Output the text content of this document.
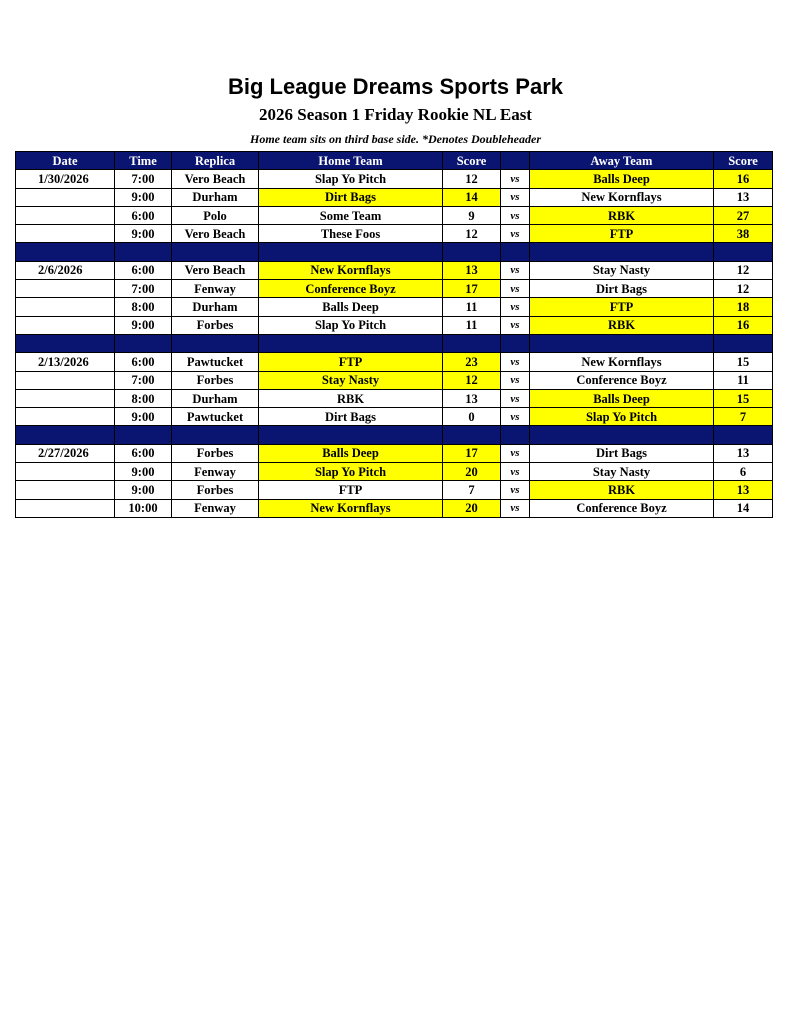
Big League Dreams Sports Park
2026 Season 1 Friday Rookie NL East
Home team sits on third base side. *Denotes Doubleheader
Date	Time	Replica	Home Team	Score		Away Team	Score
1/30/2026	7:00	Vero Beach	Slap Yo Pitch	12	vs	Balls Deep	16
	9:00	Durham	Dirt Bags	14	vs	New Kornflays	13
	6:00	Polo	Some Team	9	vs	RBK	27
	9:00	Vero Beach	These Foos	12	vs	FTP	38

2/6/2026	6:00	Vero Beach	New Kornflays	13	vs	Stay Nasty	12
	7:00	Fenway	Conference Boyz	17	vs	Dirt Bags	12
	8:00	Durham	Balls Deep	11	vs	FTP	18
	9:00	Forbes	Slap Yo Pitch	11	vs	RBK	16

2/13/2026	6:00	Pawtucket	FTP	23	vs	New Kornflays	15
	7:00	Forbes	Stay Nasty	12	vs	Conference Boyz	11
	8:00	Durham	RBK	13	vs	Balls Deep	15
	9:00	Pawtucket	Dirt Bags	0	vs	Slap Yo Pitch	7

2/27/2026	6:00	Forbes	Balls Deep	17	vs	Dirt Bags	13
	9:00	Fenway	Slap Yo Pitch	20	vs	Stay Nasty	6
	9:00	Forbes	FTP	7	vs	RBK	13
	10:00	Fenway	New Kornflays	20	vs	Conference Boyz	14
